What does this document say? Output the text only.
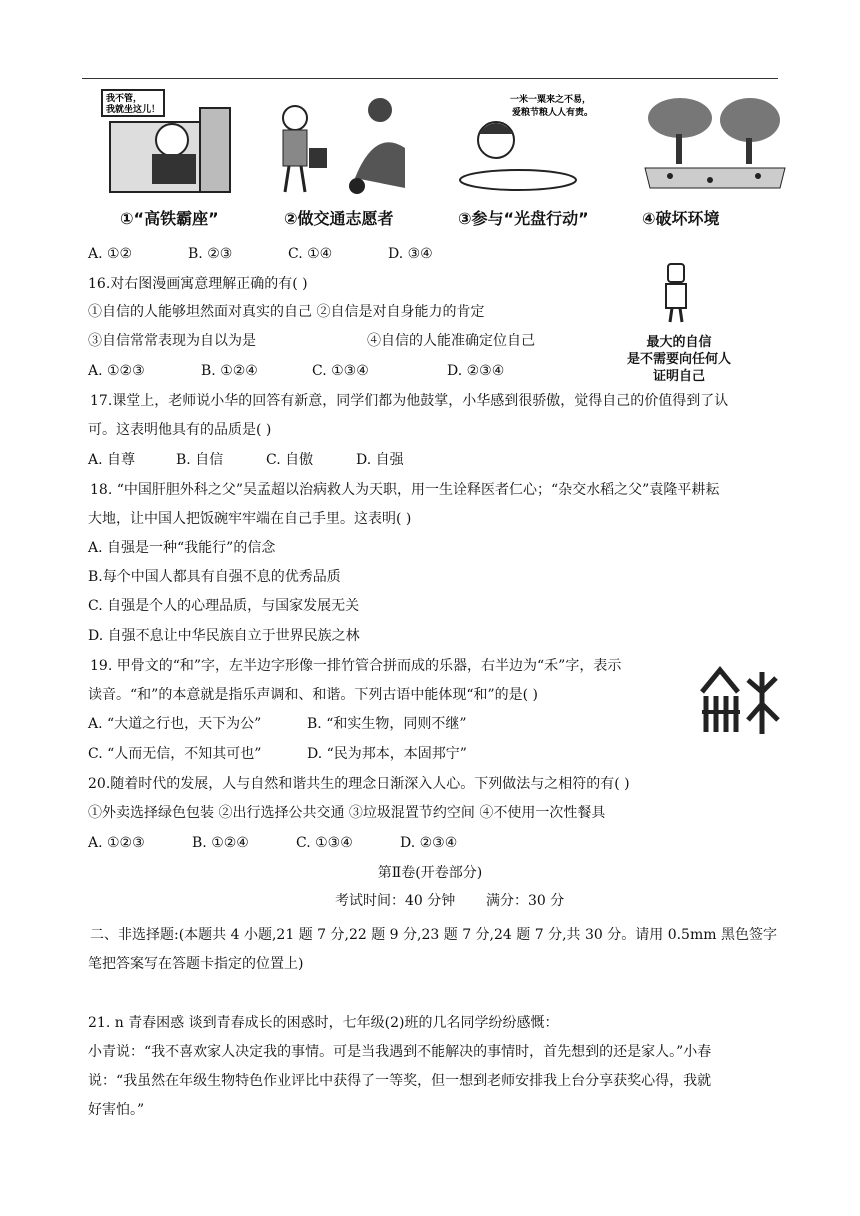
我不管，我就坐这儿！
一米一粟来之不易，
爱粮节粮人人有责。
①“高铁霸座”	②做交通志愿者	③参与“光盘行动”	④破坏环境
A. ①②	B. ②③	C. ①④	D. ③④
16.对右图漫画寓意理解正确的有( )
①自信的人能够坦然面对真实的自己 ②自信是对自身能力的肯定
③自信常常表现为自以为是	④自信的人能准确定位自己
A. ①②③	B. ①②④	C. ①③④	D. ②③④
最大的自信
是不需要向任何人
证明自己
17.课堂上，老师说小华的回答有新意，同学们都为他鼓掌，小华感到很骄傲，觉得自己的价值得到了认
可。这表明他具有的品质是( )
A. 自尊	B. 自信	C. 自傲	D. 自强
18. “中国肝胆外科之父”吴孟超以治病救人为天职，用一生诠释医者仁心；“杂交水稻之父”袁隆平耕耘
大地，让中国人把饭碗牢牢端在自己手里。这表明( )
A. 自强是一种“我能行”的信念
B.每个中国人都具有自强不息的优秀品质
C. 自强是个人的心理品质，与国家发展无关
D. 自强不息让中华民族自立于世界民族之林
19. 甲骨文的“和”字，左半边字形像一排竹管合拼而成的乐器，右半边为“禾”字，表示
读音。“和”的本意就是指乐声调和、和谐。下列古语中能体现“和”的是( )
A. “大道之行也，天下为公”	B. “和实生物，同则不继”
C. “人而无信，不知其可也”	D. “民为邦本，本固邦宁”
20.随着时代的发展，人与自然和谐共生的理念日渐深入人心。下列做法与之相符的有( )
①外卖选择绿色包装 ②出行选择公共交通 ③垃圾混置节约空间 ④不使用一次性餐具
A. ①②③	B. ①②④	C. ①③④	D. ②③④
第Ⅱ卷(开卷部分)
考试时间：40 分钟 满分：30 分
二、非选择题:(本题共 4 小题,21 题 7 分,22 题 9 分,23 题 7 分,24 题 7 分,共 30 分。请用 0.5mm 黑色签字
笔把答案写在答题卡指定的位置上)
21. n 青春困惑 谈到青春成长的困惑时，七年级(2)班的几名同学纷纷感慨：
小青说：“我不喜欢家人决定我的事情。可是当我遇到不能解决的事情时，首先想到的还是家人。”小春
说：“我虽然在年级生物特色作业评比中获得了一等奖，但一想到老师安排我上台分享获奖心得，我就
好害怕。”
